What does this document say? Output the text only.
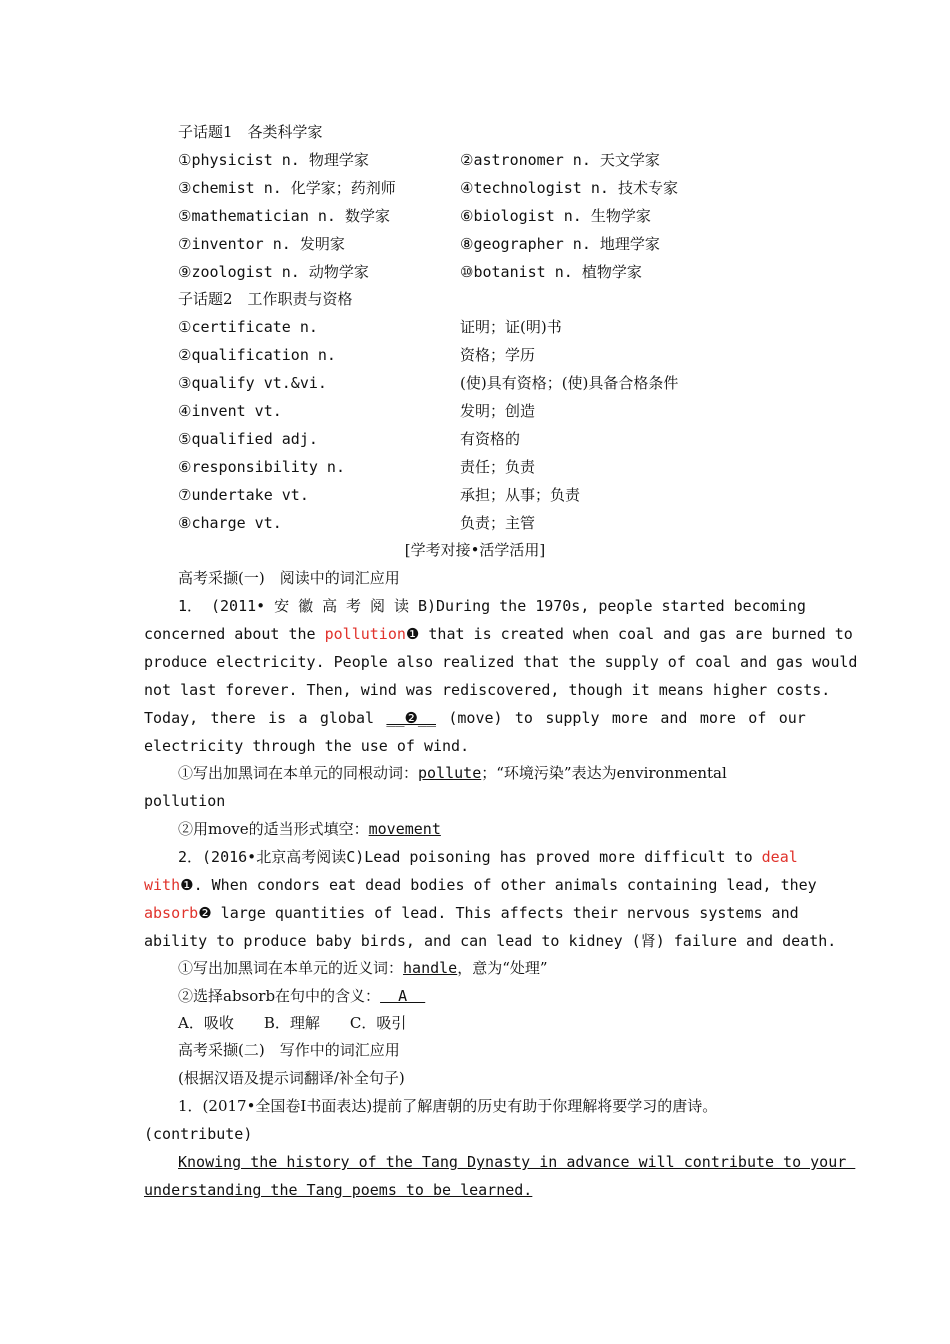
子话题1　各类科学家
①physicist n. 物理学家	②astronomer n. 天文学家
③chemist n. 化学家；药剂师	④technologist n. 技术专家
⑤mathematician n. 数学家	⑥biologist n. 生物学家
⑦inventor n. 发明家	⑧geographer n. 地理学家
⑨zoologist n. 动物学家	⑩botanist n. 植物学家
子话题2　工作职责与资格
①certificate n.	证明；证(明)书
②qualification n.	资格；学历
③qualify vt.&vi.	(使)具有资格；(使)具备合格条件
④invent vt.	发明；创造
⑤qualified adj.	有资格的
⑥responsibility n.	责任；负责
⑦undertake vt.	承担；从事；负责
⑧charge vt.	负责；主管
[学考对接•活学活用]
高考采撷(一)　阅读中的词汇应用
1． (2011• 安 徽 高 考 阅 读 B)During the 1970s, people started becoming
concerned about the pollution❶ that is created when coal and gas are burned to
produce electricity. People also realized that the supply of coal and gas would
not last forever. Then, wind was rediscovered, though it means higher costs.
Today, there is a global __❷__ (move) to supply more and more of our
electricity through the use of wind.
①写出加黑词在本单元的同根动词：pollute；“环境污染”表达为environmental
pollution
②用move的适当形式填空：movement
2．(2016•北京高考阅读C)Lead poisoning has proved more difficult to deal
with❶. When condors eat dead bodies of other animals containing lead, they
absorb❷ large quantities of lead. This affects their nervous systems and
ability to produce baby birds, and can lead to kidney (肾) failure and death.
①写出加黑词在本单元的近义词：handle，意为“处理”
②选择absorb在句中的含义：  A
A．吸收　　B．理解　　C．吸引
高考采撷(二)　写作中的词汇应用
(根据汉语及提示词翻译/补全句子)
1．(2017•全国卷Ⅰ书面表达)提前了解唐朝的历史有助于你理解将要学习的唐诗。
(contribute)
Knowing the history of the Tang Dynasty in advance will contribute to your
understanding the Tang poems to be learned.
